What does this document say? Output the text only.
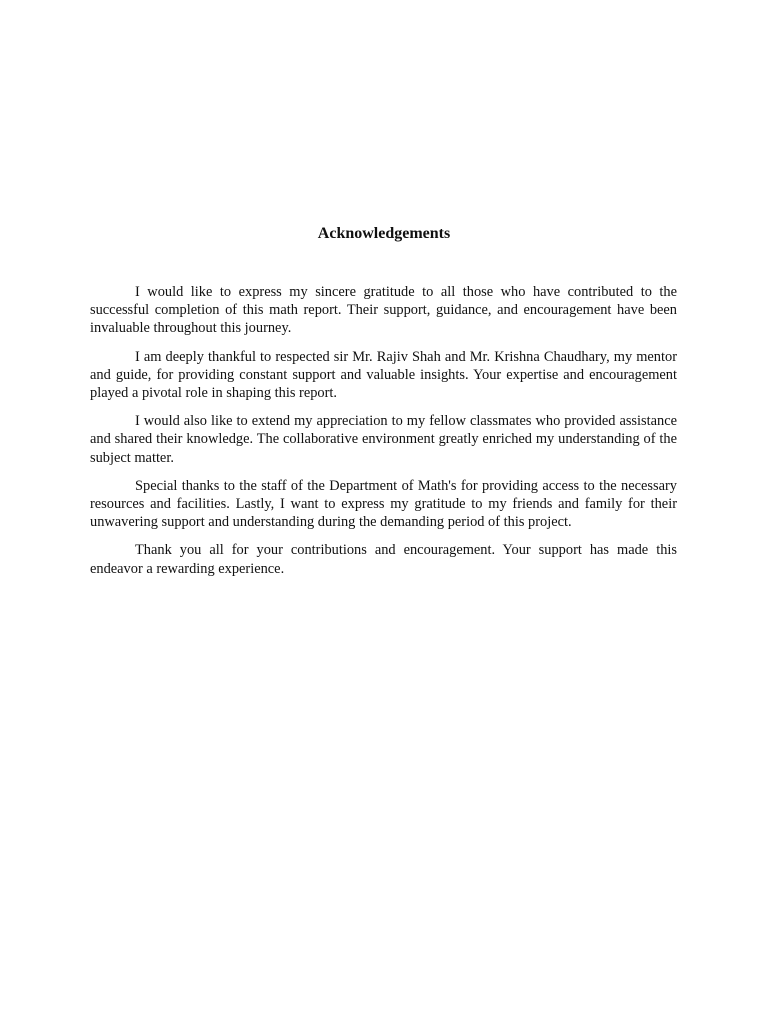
Acknowledgements

I would like to express my sincere gratitude to all those who have contributed to the successful completion of this math report. Their support, guidance, and encouragement have been invaluable throughout this journey.

I am deeply thankful to respected sir Mr. Rajiv Shah and Mr. Krishna Chaudhary, my mentor and guide, for providing constant support and valuable insights. Your expertise and encouragement played a pivotal role in shaping this report.

I would also like to extend my appreciation to my fellow classmates who provided assistance and shared their knowledge. The collaborative environment greatly enriched my understanding of the subject matter.

Special thanks to the staff of the Department of Math's for providing access to the necessary resources and facilities. Lastly, I want to express my gratitude to my friends and family for their unwavering support and understanding during the demanding period of this project.

Thank you all for your contributions and encouragement. Your support has made this endeavor a rewarding experience.
